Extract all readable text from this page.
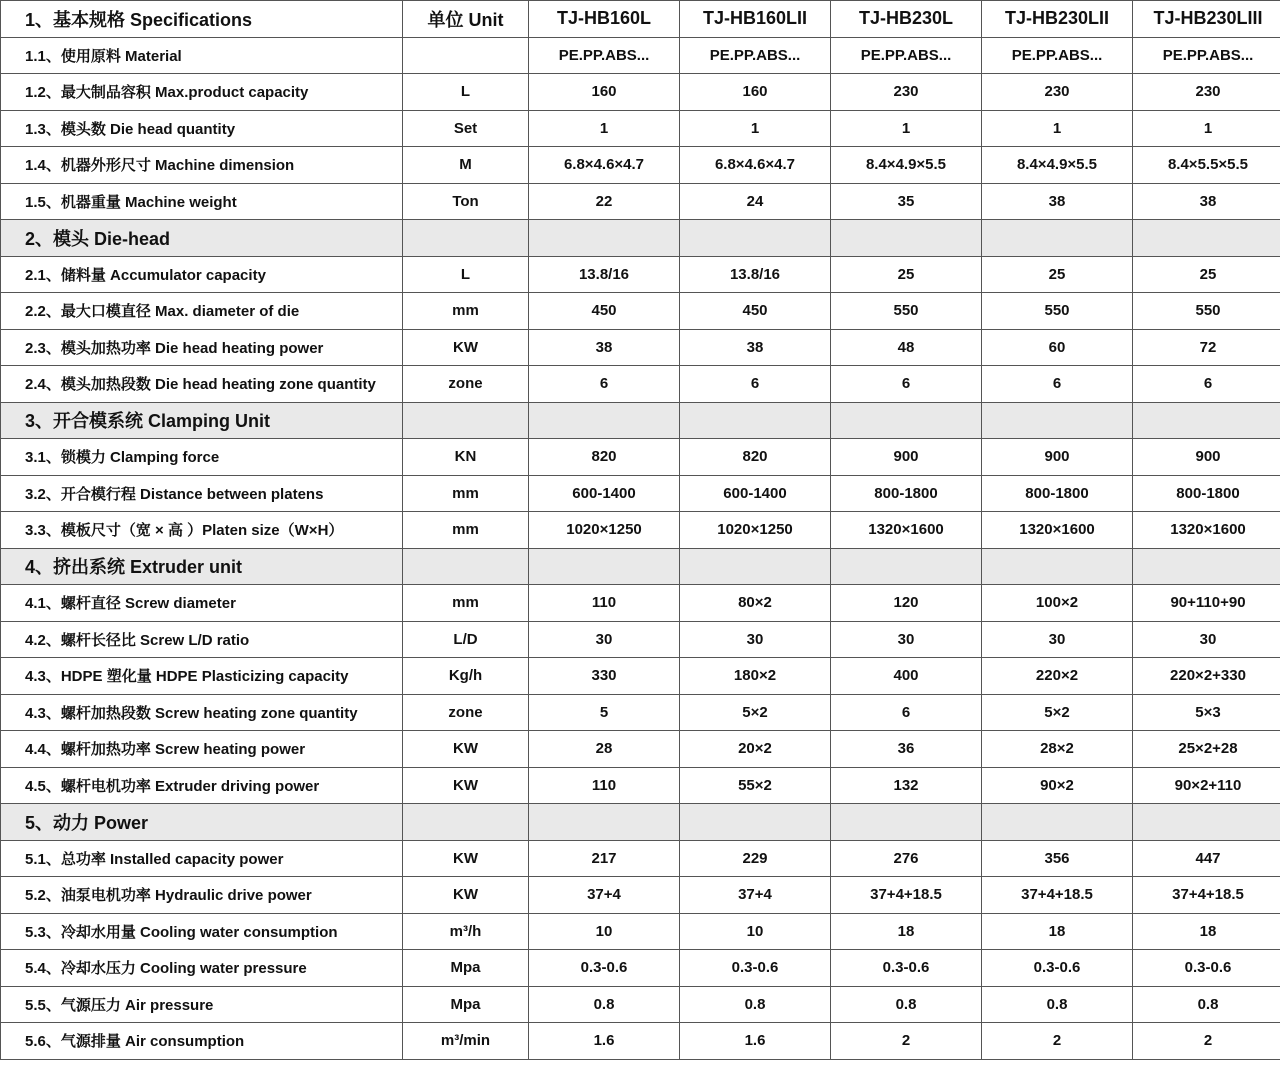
1、基本规格 Specifications	单位 Unit	TJ-HB160L	TJ-HB160LII	TJ-HB230L	TJ-HB230LII	TJ-HB230LIII
1.1、使用原料 Material		PE.PP.ABS...	PE.PP.ABS...	PE.PP.ABS...	PE.PP.ABS...	PE.PP.ABS...
1.2、最大制品容积 Max.product capacity	L	160	160	230	230	230
1.3、模头数 Die head quantity	Set	1	1	1	1	1
1.4、机器外形尺寸 Machine dimension	M	6.8×4.6×4.7	6.8×4.6×4.7	8.4×4.9×5.5	8.4×4.9×5.5	8.4×5.5×5.5
1.5、机器重量 Machine weight	Ton	22	24	35	38	38
2、模头 Die-head						
2.1、储料量 Accumulator capacity	L	13.8/16	13.8/16	25	25	25
2.2、最大口模直径 Max. diameter of die	mm	450	450	550	550	550
2.3、模头加热功率 Die head heating power	KW	38	38	48	60	72
2.4、模头加热段数 Die head heating zone quantity	zone	6	6	6	6	6
3、开合模系统 Clamping Unit						
3.1、锁模力 Clamping force	KN	820	820	900	900	900
3.2、开合模行程 Distance between platens	mm	600-1400	600-1400	800-1800	800-1800	800-1800
3.3、模板尺寸（宽 × 高 ）Platen size（W×H）	mm	1020×1250	1020×1250	1320×1600	1320×1600	1320×1600
4、挤出系统 Extruder unit						
4.1、螺杆直径 Screw diameter	mm	110	80×2	120	100×2	90+110+90
4.2、螺杆长径比 Screw L/D ratio	L/D	30	30	30	30	30
4.3、HDPE 塑化量 HDPE Plasticizing capacity	Kg/h	330	180×2	400	220×2	220×2+330
4.3、螺杆加热段数 Screw heating zone quantity	zone	5	5×2	6	5×2	5×3
4.4、螺杆加热功率 Screw heating power	KW	28	20×2	36	28×2	25×2+28
4.5、螺杆电机功率 Extruder driving power	KW	110	55×2	132	90×2	90×2+110
5、动力 Power						
5.1、总功率 Installed capacity power	KW	217	229	276	356	447
5.2、油泵电机功率 Hydraulic drive power	KW	37+4	37+4	37+4+18.5	37+4+18.5	37+4+18.5
5.3、冷却水用量 Cooling water consumption	m³/h	10	10	18	18	18
5.4、冷却水压力 Cooling water pressure	Mpa	0.3-0.6	0.3-0.6	0.3-0.6	0.3-0.6	0.3-0.6
5.5、气源压力 Air pressure	Mpa	0.8	0.8	0.8	0.8	0.8
5.6、气源排量 Air consumption	m³/min	1.6	1.6	2	2	2
